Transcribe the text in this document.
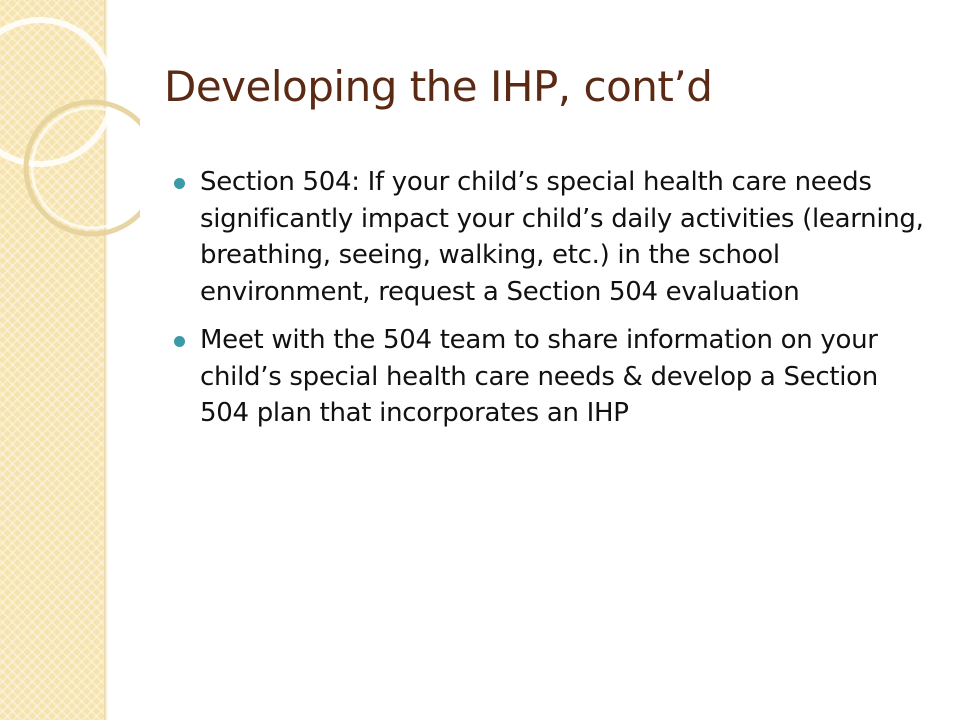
Developing the IHP, cont’d
Section 504: If your child’s special health care needs significantly impact your child’s daily activities (learning, breathing, seeing, walking, etc.) in the school environment, request a Section 504 evaluation
Meet with the 504 team to share information on your child’s special health care needs & develop a Section 504 plan that incorporates an IHP
